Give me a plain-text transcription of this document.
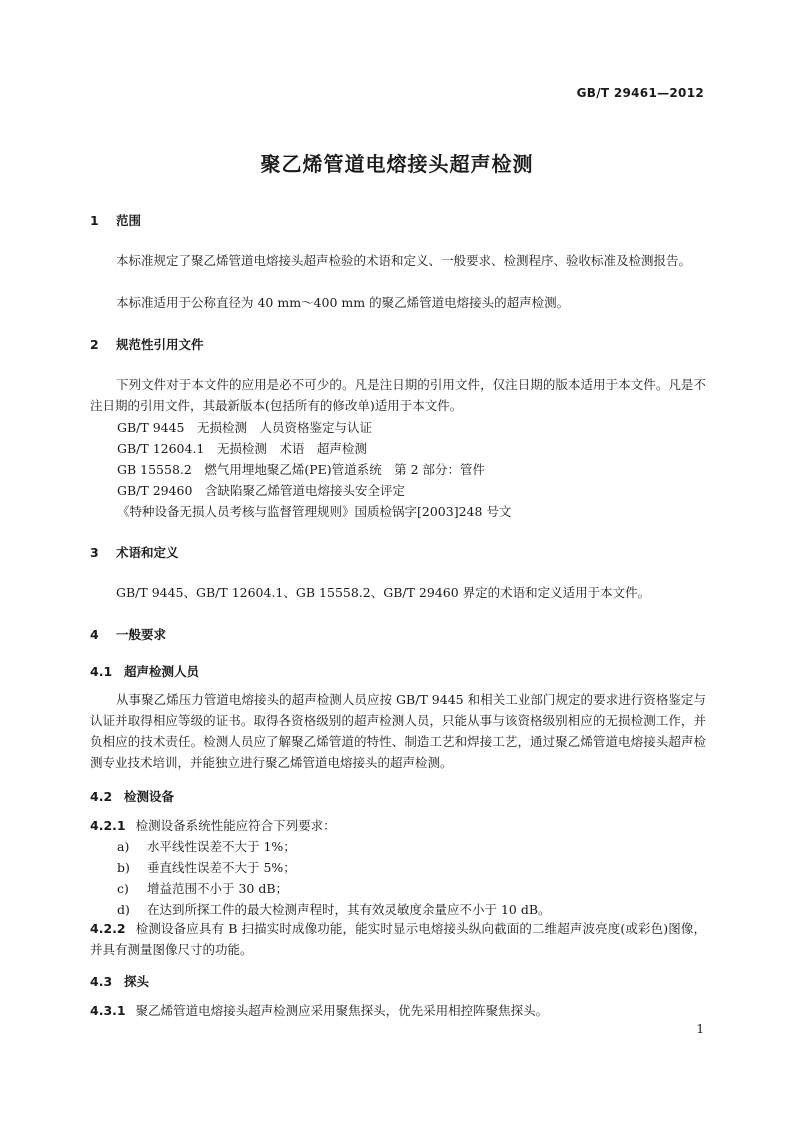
GB/T 29461—2012
聚乙烯管道电熔接头超声检测
1 范围
本标准规定了聚乙烯管道电熔接头超声检验的术语和定义、一般要求、检测程序、验收标准及检测报告。
本标准适用于公称直径为 40 mm～400 mm 的聚乙烯管道电熔接头的超声检测。
2 规范性引用文件
下列文件对于本文件的应用是必不可少的。凡是注日期的引用文件，仅注日期的版本适用于本文件。凡是不注日期的引用文件，其最新版本(包括所有的修改单)适用于本文件。
GB/T 9445　无损检测　人员资格鉴定与认证
GB/T 12604.1　无损检测　术语　超声检测
GB 15558.2　燃气用埋地聚乙烯(PE)管道系统　第 2 部分：管件
GB/T 29460　含缺陷聚乙烯管道电熔接头安全评定
《特种设备无损人员考核与监督管理规则》国质检锅字[2003]248 号文
3 术语和定义
GB/T 9445、GB/T 12604.1、GB 15558.2、GB/T 29460 界定的术语和定义适用于本文件。
4 一般要求
4.1 超声检测人员
从事聚乙烯压力管道电熔接头的超声检测人员应按 GB/T 9445 和相关工业部门规定的要求进行资格鉴定与认证并取得相应等级的证书。取得各资格级别的超声检测人员，只能从事与该资格级别相应的无损检测工作，并负相应的技术责任。检测人员应了解聚乙烯管道的特性、制造工艺和焊接工艺，通过聚乙烯管道电熔接头超声检测专业技术培训，并能独立进行聚乙烯管道电熔接头的超声检测。
4.2 检测设备
4.2.1 检测设备系统性能应符合下列要求：
a) 水平线性误差不大于 1%；
b) 垂直线性误差不大于 5%；
c) 增益范围不小于 30 dB；
d) 在达到所探工件的最大检测声程时，其有效灵敏度余量应不小于 10 dB。
4.2.2 检测设备应具有 B 扫描实时成像功能，能实时显示电熔接头纵向截面的二维超声波亮度(或彩色)图像，并具有测量图像尺寸的功能。
4.3 探头
4.3.1 聚乙烯管道电熔接头超声检测应采用聚焦探头，优先采用相控阵聚焦探头。
1
